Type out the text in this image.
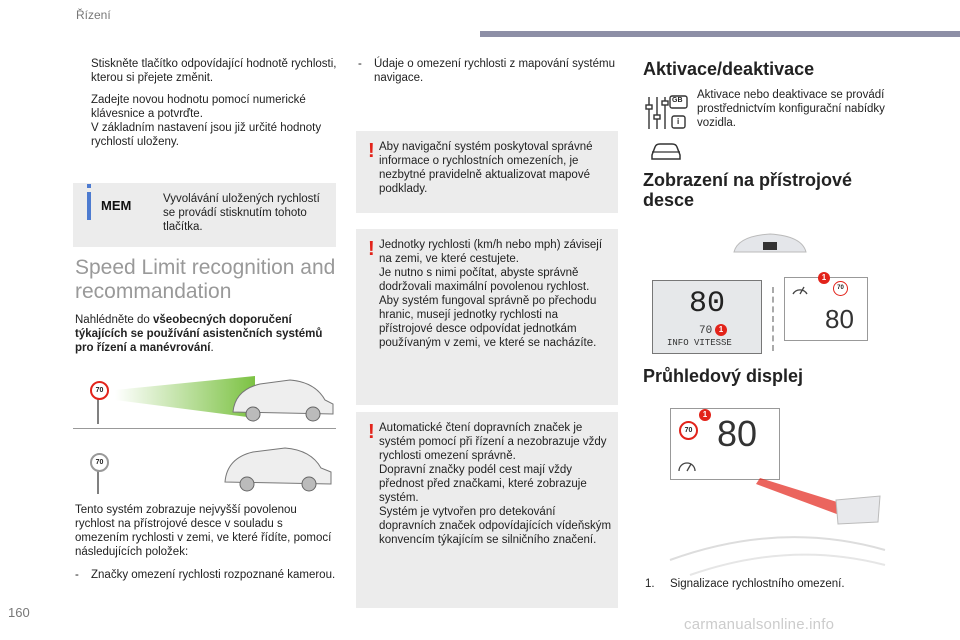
Řízení
Stiskněte tlačítko odpovídající hodnotě rychlosti, kterou si přejete změnit.
Zadejte novou hodnotu pomocí numerické klávesnice a potvrďte.
V základním nastavení jsou již určité hodnoty rychlostí uloženy.
MEM	Vyvolávání uložených rychlostí se provádí stisknutím tohoto tlačítka.
Speed Limit recognition and recommandation
Nahlédněte do všeobecných doporučení týkajících se používání asistenčních systémů pro řízení a manévrování.
70
70
Tento systém zobrazuje nejvyšší povolenou rychlost na přístrojové desce v souladu s omezením rychlosti v zemi, ve které řídíte, pomocí následujících položek:
-	Značky omezení rychlosti rozpoznané kamerou.
-	Údaje o omezení rychlosti z mapování systému navigace.
! Aby navigační systém poskytoval správné informace o rychlostních omezeních, je nezbytné pravidelně aktualizovat mapové podklady.
! Jednotky rychlosti (km/h nebo mph) závisejí na zemi, ve které cestujete.
Je nutno s nimi počítat, abyste správně dodržovali maximální povolenou rychlost.
Aby systém fungoval správně po přechodu hranic, musejí jednotky rychlosti na přístrojové desce odpovídat jednotkám používaným v zemi, ve které se nacházíte.
! Automatické čtení dopravních značek je systém pomocí při řízení a nezobrazuje vždy rychlosti omezení správně.
Dopravní značky podél cest mají vždy přednost před značkami, které zobrazuje systém.
Systém je vytvořen pro detekování dopravních značek odpovídajících vídeňským konvencím týkajícím se silničního značení.
Aktivace/deaktivace
GB
i
Aktivace nebo deaktivace se provádí prostřednictvím konfigurační nabídky vozidla.
Zobrazení na přístrojové desce
80
70
INFO VITESSE
1
70
80
1
Průhledový displej
70 80
1
1. Signalizace rychlostního omezení.
160
carmanualsonline.info
